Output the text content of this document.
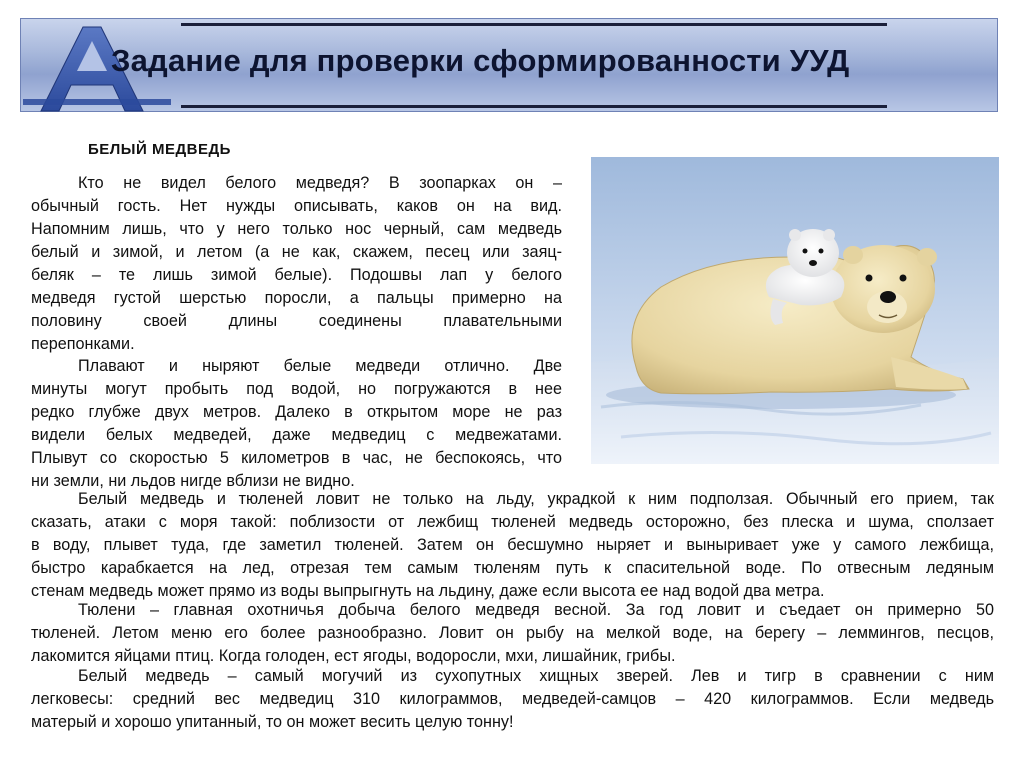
Задание для проверки сформированности УУД
БЕЛЫЙ МЕДВЕДЬ
Кто не видел белого медведя? В зоопарках он –
обычный гость. Нет нужды описывать, каков он на вид.
Напомним лишь, что у него только нос черный, сам медведь
белый и зимой, и летом (а не как, скажем, песец или заяц-
беляк – те лишь зимой белые). Подошвы лап у белого
медведя густой шерстью поросли, а пальцы примерно на
половину своей длины соединены плавательными
перепонками.
Плавают и ныряют белые медведи отлично. Две
минуты могут пробыть под водой, но погружаются в нее
редко глубже двух метров. Далеко в открытом море не раз
видели белых медведей, даже медведиц с медвежатами.
Плывут со скоростью 5 километров в час, не беспокоясь, что
ни земли, ни льдов нигде вблизи не видно.
Белый медведь и тюленей ловит не только на льду, украдкой к ним подползая. Обычный его прием, так
сказать, атаки с моря такой: поблизости от лежбищ тюленей медведь осторожно, без плеска и шума, сползает
в воду, плывет туда, где заметил тюленей. Затем он бесшумно ныряет и выныривает уже у самого лежбища,
быстро карабкается на лед, отрезая тем самым тюленям путь к спасительной воде. По отвесным ледяным
стенам медведь может прямо из воды выпрыгнуть на льдину, даже если высота ее над водой два метра.
Тюлени – главная охотничья добыча белого медведя весной. За год ловит и съедает он примерно 50
тюленей. Летом меню его более разнообразно. Ловит он рыбу на мелкой воде, на берегу – леммингов, песцов,
лакомится яйцами птиц. Когда голоден, ест ягоды, водоросли, мхи, лишайник, грибы.
Белый медведь – самый могучий из сухопутных хищных зверей. Лев и тигр в сравнении с ним
легковесы: средний вес медведиц 310 килограммов, медведей-самцов – 420 килограммов. Если медведь
матерый и хорошо упитанный, то он может весить целую тонну!
